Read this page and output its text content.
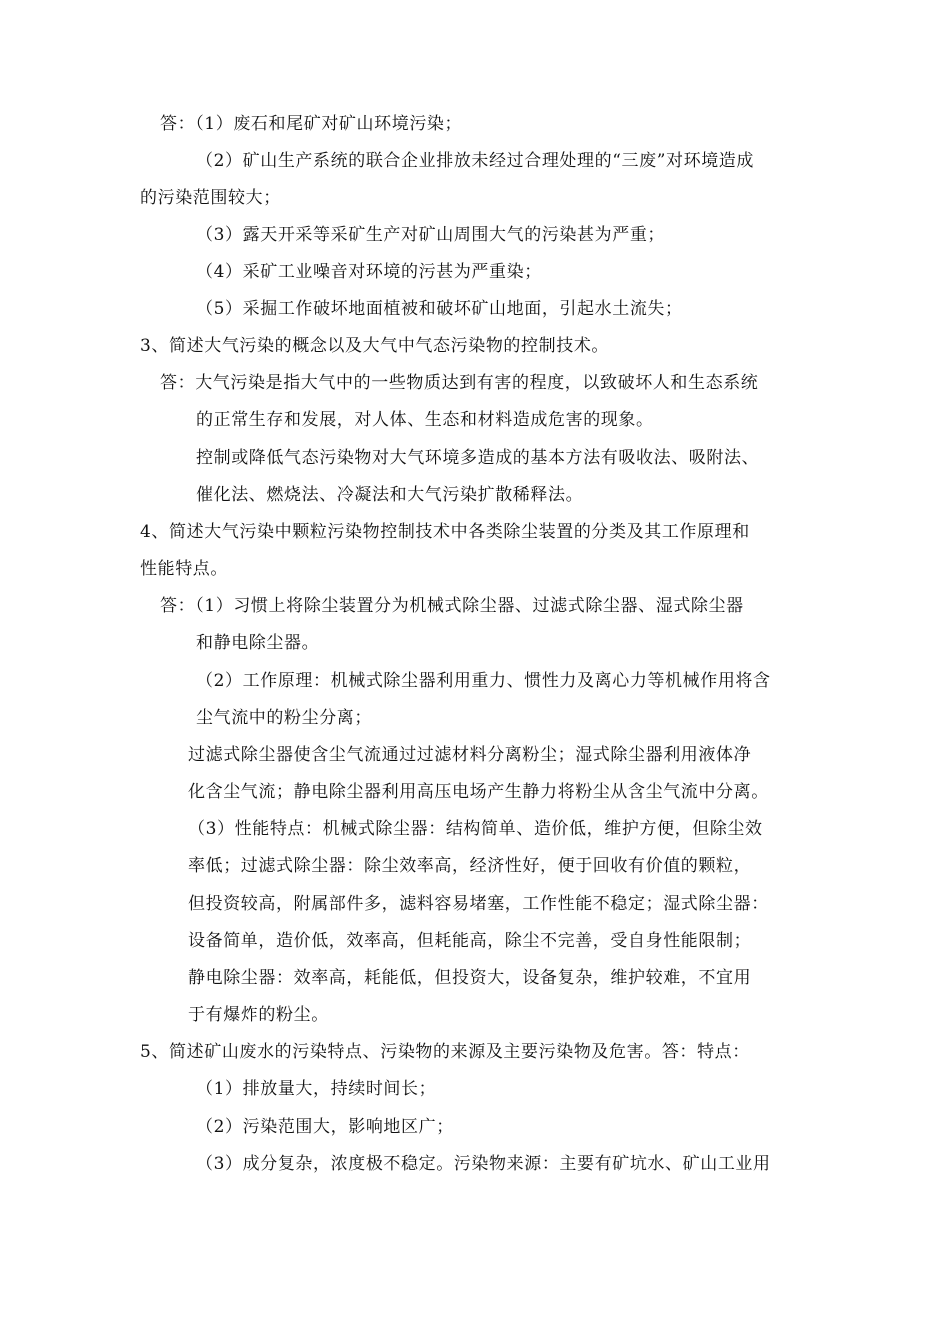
答：（1）废石和尾矿对矿山环境污染；
（2）矿山生产系统的联合企业排放未经过合理处理的“三废”对环境造成
的污染范围较大；
（3）露天开采等采矿生产对矿山周围大气的污染甚为严重；
（4）采矿工业噪音对环境的污甚为严重染；
（5）采掘工作破坏地面植被和破坏矿山地面，引起水土流失；
3、简述大气污染的概念以及大气中气态污染物的控制技术。
答：大气污染是指大气中的一些物质达到有害的程度，以致破坏人和生态系统
的正常生存和发展，对人体、生态和材料造成危害的现象。
控制或降低气态污染物对大气环境多造成的基本方法有吸收法、吸附法、
催化法、燃烧法、冷凝法和大气污染扩散稀释法。
4、简述大气污染中颗粒污染物控制技术中各类除尘装置的分类及其工作原理和
性能特点。
答：（1）习惯上将除尘装置分为机械式除尘器、过滤式除尘器、湿式除尘器
和静电除尘器。
（2）工作原理：机械式除尘器利用重力、惯性力及离心力等机械作用将含
尘气流中的粉尘分离；
过滤式除尘器使含尘气流通过过滤材料分离粉尘；湿式除尘器利用液体净
化含尘气流；静电除尘器利用高压电场产生静力将粉尘从含尘气流中分离。
（3）性能特点：机械式除尘器：结构简单、造价低，维护方便，但除尘效
率低；过滤式除尘器：除尘效率高，经济性好，便于回收有价值的颗粒，
但投资较高，附属部件多，滤料容易堵塞，工作性能不稳定；湿式除尘器：
设备简单，造价低，效率高，但耗能高，除尘不完善，受自身性能限制；
静电除尘器：效率高，耗能低，但投资大，设备复杂，维护较难，不宜用
于有爆炸的粉尘。
5、简述矿山废水的污染特点、污染物的来源及主要污染物及危害。答：特点：
（1）排放量大，持续时间长；
（2）污染范围大，影响地区广；
（3）成分复杂，浓度极不稳定。污染物来源：主要有矿坑水、矿山工业用
